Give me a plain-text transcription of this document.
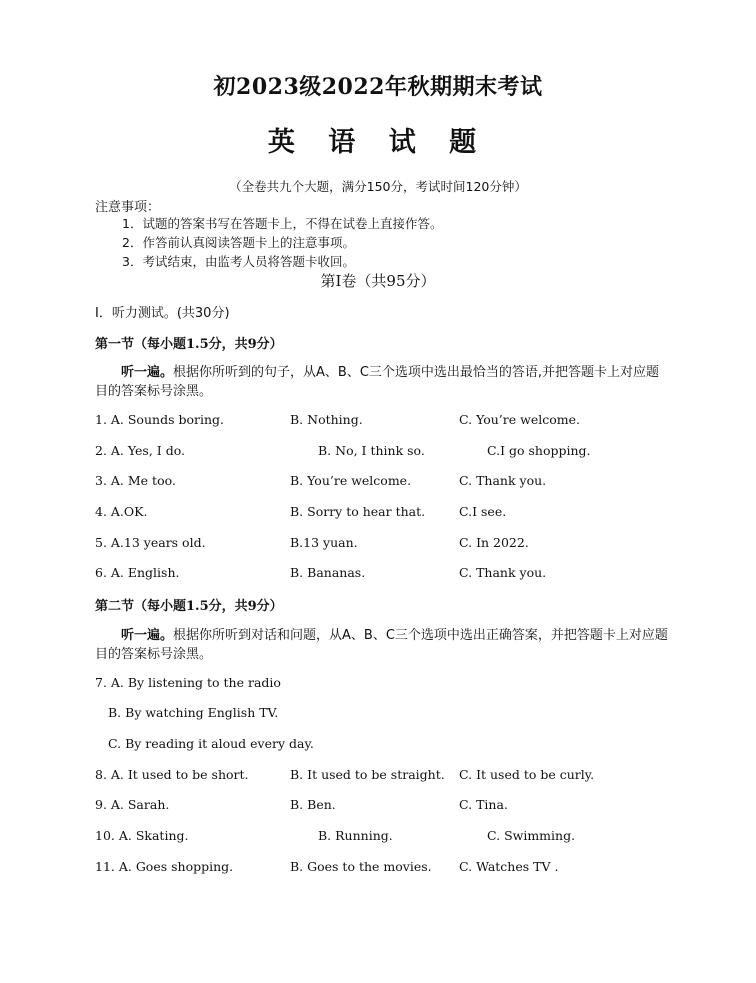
初2023级2022年秋期期末考试
英 语 试 题
（全卷共九个大题，满分150分，考试时间120分钟）
注意事项：
1．试题的答案书写在答题卡上，不得在试卷上直接作答。
2．作答前认真阅读答题卡上的注意事项。
3．考试结束，由监考人员将答题卡收回。
第Ⅰ卷（共95分）
Ⅰ．听力测试。(共30分)
第一节（每小题1.5分，共9分）
听一遍。根据你所听到的句子，从A、B、C三个选项中选出最恰当的答语,并把答题卡上对应题目的答案标号涂黑。
1. A. Sounds boring.	B. Nothing.	C. You’re welcome.
2. A. Yes, I do.	B. No, I think so.	C.I go shopping.
3. A. Me too.	B. You’re welcome.	C. Thank you.
4. A.OK.	B. Sorry to hear that.	C.I see.
5. A.13 years old.	B.13 yuan.	C. In 2022.
6. A. English.	B. Bananas.	C. Thank you.
第二节（每小题1.5分，共9分）
听一遍。根据你所听到对话和问题，从A、B、C三个选项中选出正确答案，并把答题卡上对应题目的答案标号涂黑。
7. A. By listening to the radio
B. By watching English TV.
C. By reading it aloud every day.
8. A. It used to be short.	B. It used to be straight. C. It used to be curly.
9. A. Sarah.	B. Ben.	C. Tina.
10. A. Skating.	B. Running.	C. Swimming.
11. A. Goes shopping.	B. Goes to the movies. C. Watches TV .
